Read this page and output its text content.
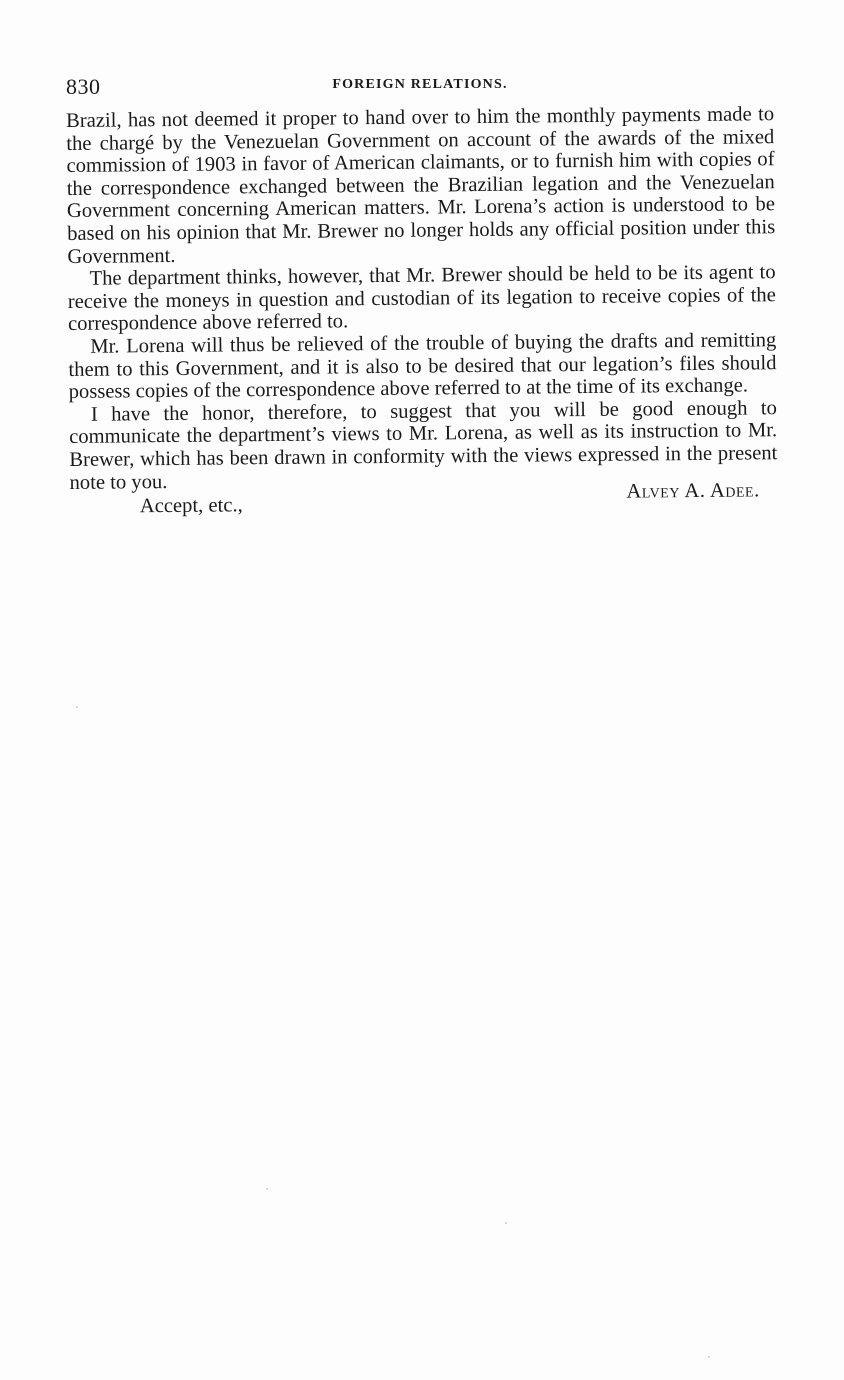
830	FOREIGN RELATIONS.

Brazil, has not deemed it proper to hand over to him the monthly payments made to the chargé by the Venezuelan Government on account of the awards of the mixed commission of 1903 in favor of American claimants, or to furnish him with copies of the correspondence exchanged between the Brazilian legation and the Venezuelan Government concerning American matters. Mr. Lorena’s action is understood to be based on his opinion that Mr. Brewer no longer holds any official position under this Government.

The department thinks, however, that Mr. Brewer should be held to be its agent to receive the moneys in question and custodian of its legation to receive copies of the correspondence above referred to.

Mr. Lorena will thus be relieved of the trouble of buying the drafts and remitting them to this Government, and it is also to be desired that our legation’s files should possess copies of the correspondence above referred to at the time of its exchange.

I have the honor, therefore, to suggest that you will be good enough to communicate the department’s views to Mr. Lorena, as well as its instruction to Mr. Brewer, which has been drawn in conformity with the views expressed in the present note to you.

Accept, etc.,
Alvey A. Adee.
